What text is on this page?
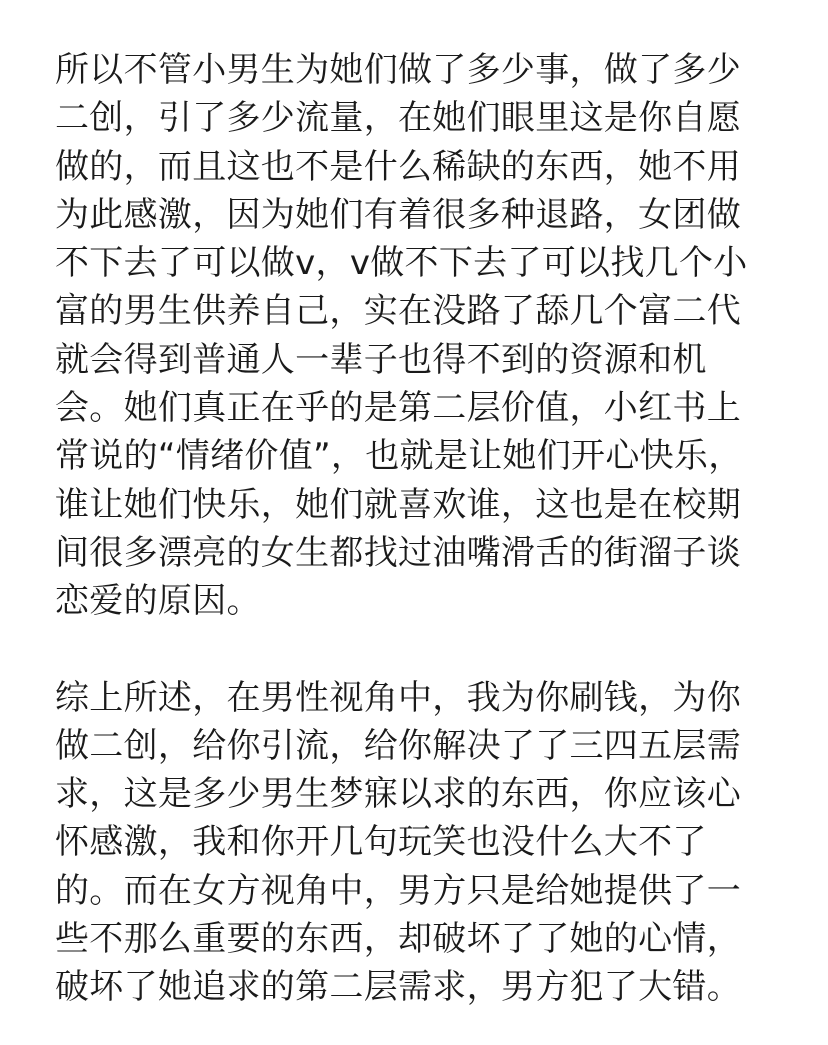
所以不管小男生为她们做了多少事，做了多少
二创，引了多少流量，在她们眼里这是你自愿
做的，而且这也不是什么稀缺的东西，她不用
为此感激，因为她们有着很多种退路，女团做
不下去了可以做v，v做不下去了可以找几个小
富的男生供养自己，实在没路了舔几个富二代
就会得到普通人一辈子也得不到的资源和机
会。她们真正在乎的是第二层价值，小红书上
常说的“情绪价值”，也就是让她们开心快乐，
谁让她们快乐，她们就喜欢谁，这也是在校期
间很多漂亮的女生都找过油嘴滑舌的街溜子谈
恋爱的原因。
综上所述，在男性视角中，我为你刷钱，为你
做二创，给你引流，给你解决了了三四五层需
求，这是多少男生梦寐以求的东西，你应该心
怀感激，我和你开几句玩笑也没什么大不了
的。而在女方视角中，男方只是给她提供了一
些不那么重要的东西，却破坏了了她的心情，
破坏了她追求的第二层需求，男方犯了大错。
